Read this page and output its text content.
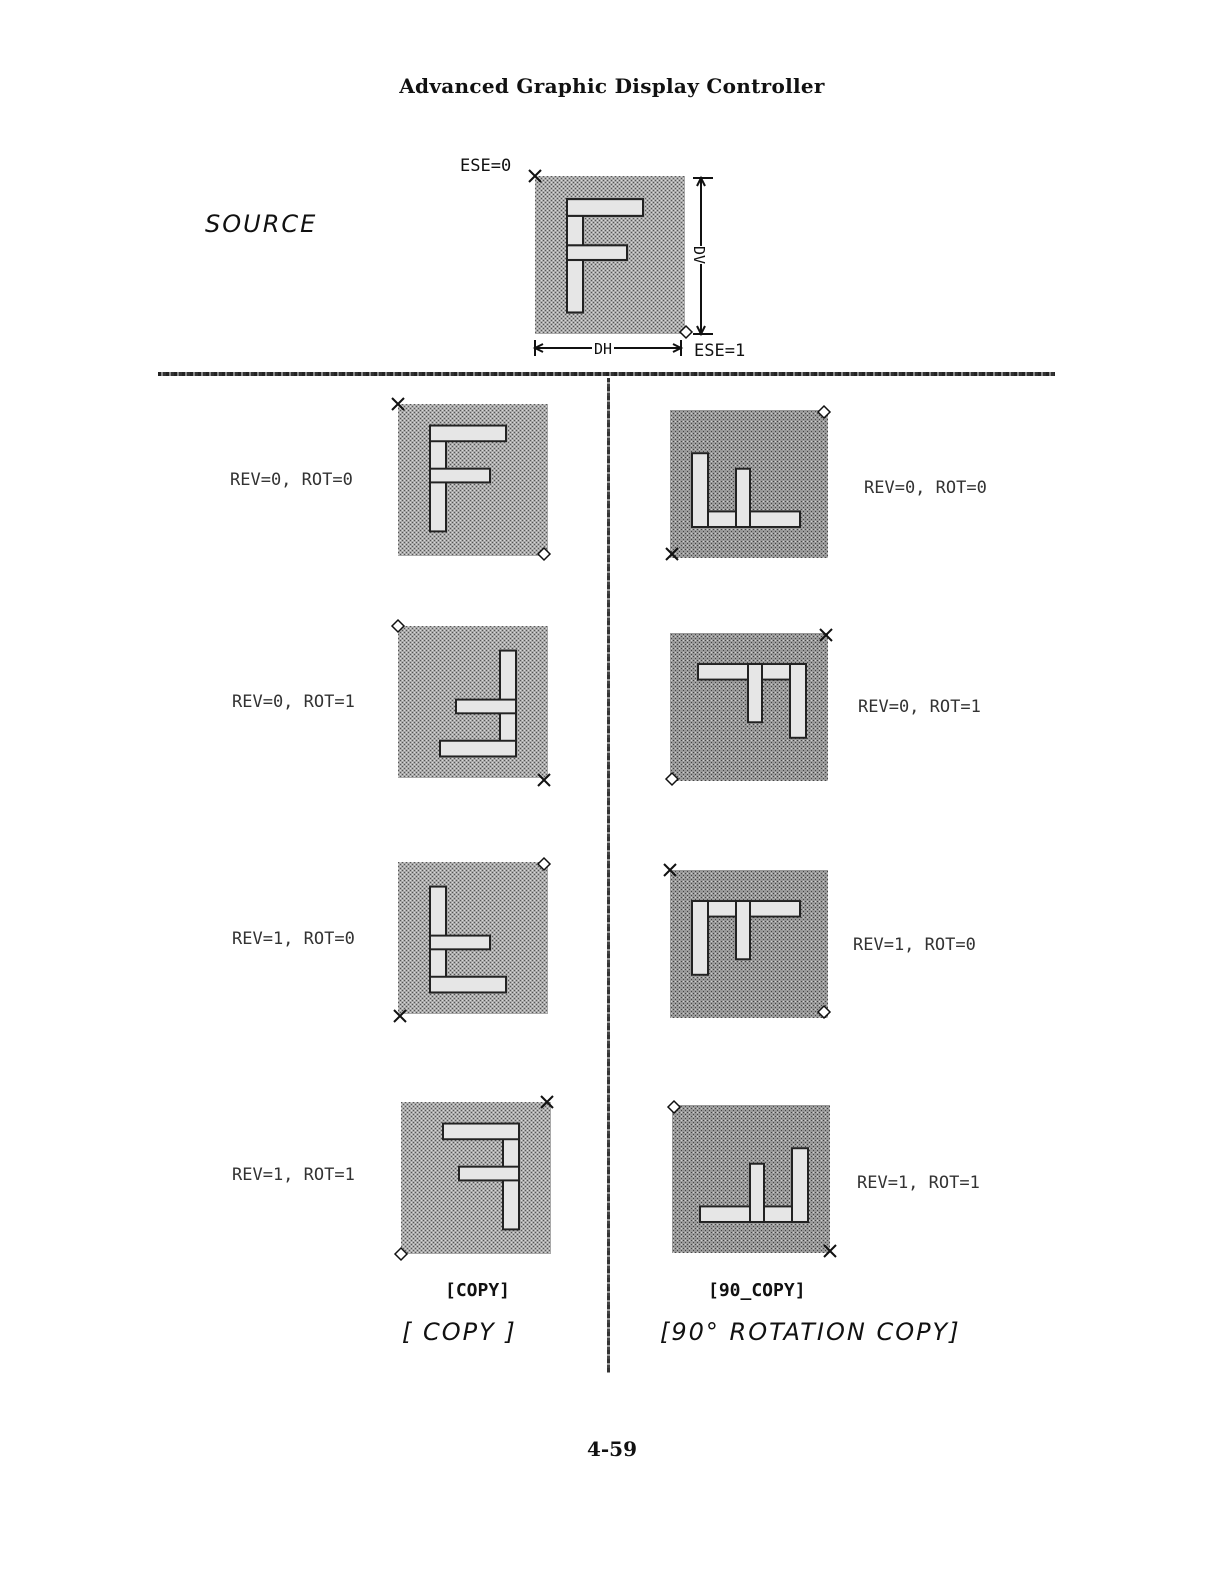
Advanced Graphic Display Controller
SOURCE
ESE=0
ESE=1
DH
DV
REV=0, ROT=0
REV=0, ROT=1
REV=1, ROT=0
REV=1, ROT=1
[COPY]
[ COPY ]
REV=0, ROT=0
REV=0, ROT=1
REV=1, ROT=0
REV=1, ROT=1
[90_COPY]
[90° ROTATION COPY]
4-59
